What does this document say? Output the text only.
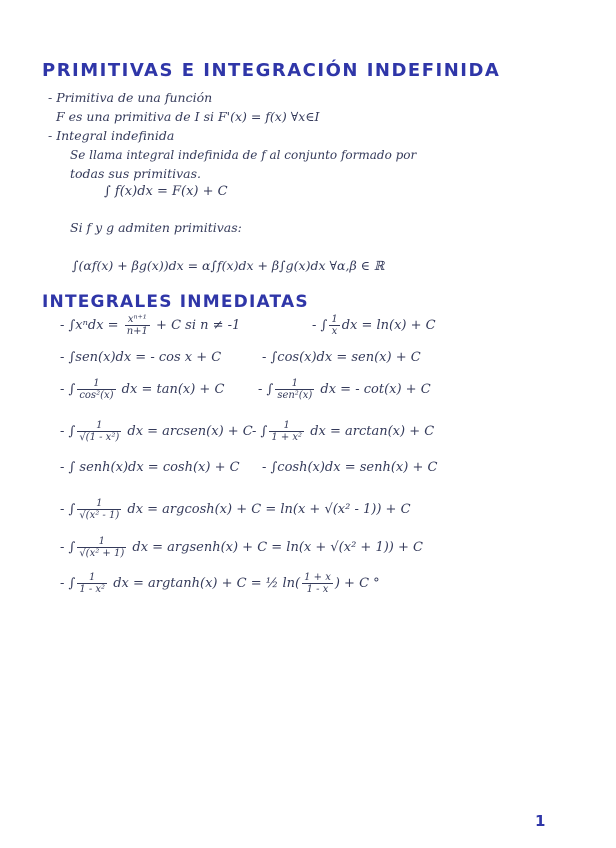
PRIMITIVAS E INTEGRACIÓN INDEFINIDA
- Primitiva de una función
F es una primitiva de I si F'(x) = f(x) ∀x∈I
- Integral indefinida
Se llama integral indefinida de f al conjunto formado por
todas sus primitivas.
∫ f(x)dx = F(x) + C
Si f y g admiten primitivas:
∫(αf(x) + βg(x))dx = α∫f(x)dx + β∫g(x)dx ∀α,β ∈ ℝ
INTEGRALES INMEDIATAS
- $\int x^ndx = \frac{\text{xⁿ⁺¹}}{n+1} + C$ si n ≠ -1	- ∫ $\frac{1}{x}$ dx = ln(x) + C
- ∫sen(x)dx = - cos x + C	- ∫cos(x)dx = sen(x) + C
- ∫ $\frac{1}{\text{cos²(x)}}$ dx = tan(x) + C	- ∫ $\frac{1}{\text{sen²(x)}}$ dx = - cot(x) + C
- ∫ $\frac{1}{\text{√(1 - x²)}}$ dx = arcsen(x) + C - ∫ $\frac{1}{\text{1 + x²}}$ dx = arctan(x) + C
- ∫ senh(x)dx = cosh(x) + C - ∫cosh(x)dx = senh(x) + C
- ∫ $\frac{1}{\text{√(x² - 1)}}$ dx = argcosh(x) + C = ln(x + √(x² - 1)) + C
- ∫ $\frac{1}{\text{√(x² + 1)}}$ dx = argsenh(x) + C = ln(x + √(x² + 1)) + C
- ∫ $\frac{1}{\text{1 - x²}}$ dx = argtanh(x) + C = ½ $\ln( \frac{1 + x}{1 - x}$ ) + C °
1
